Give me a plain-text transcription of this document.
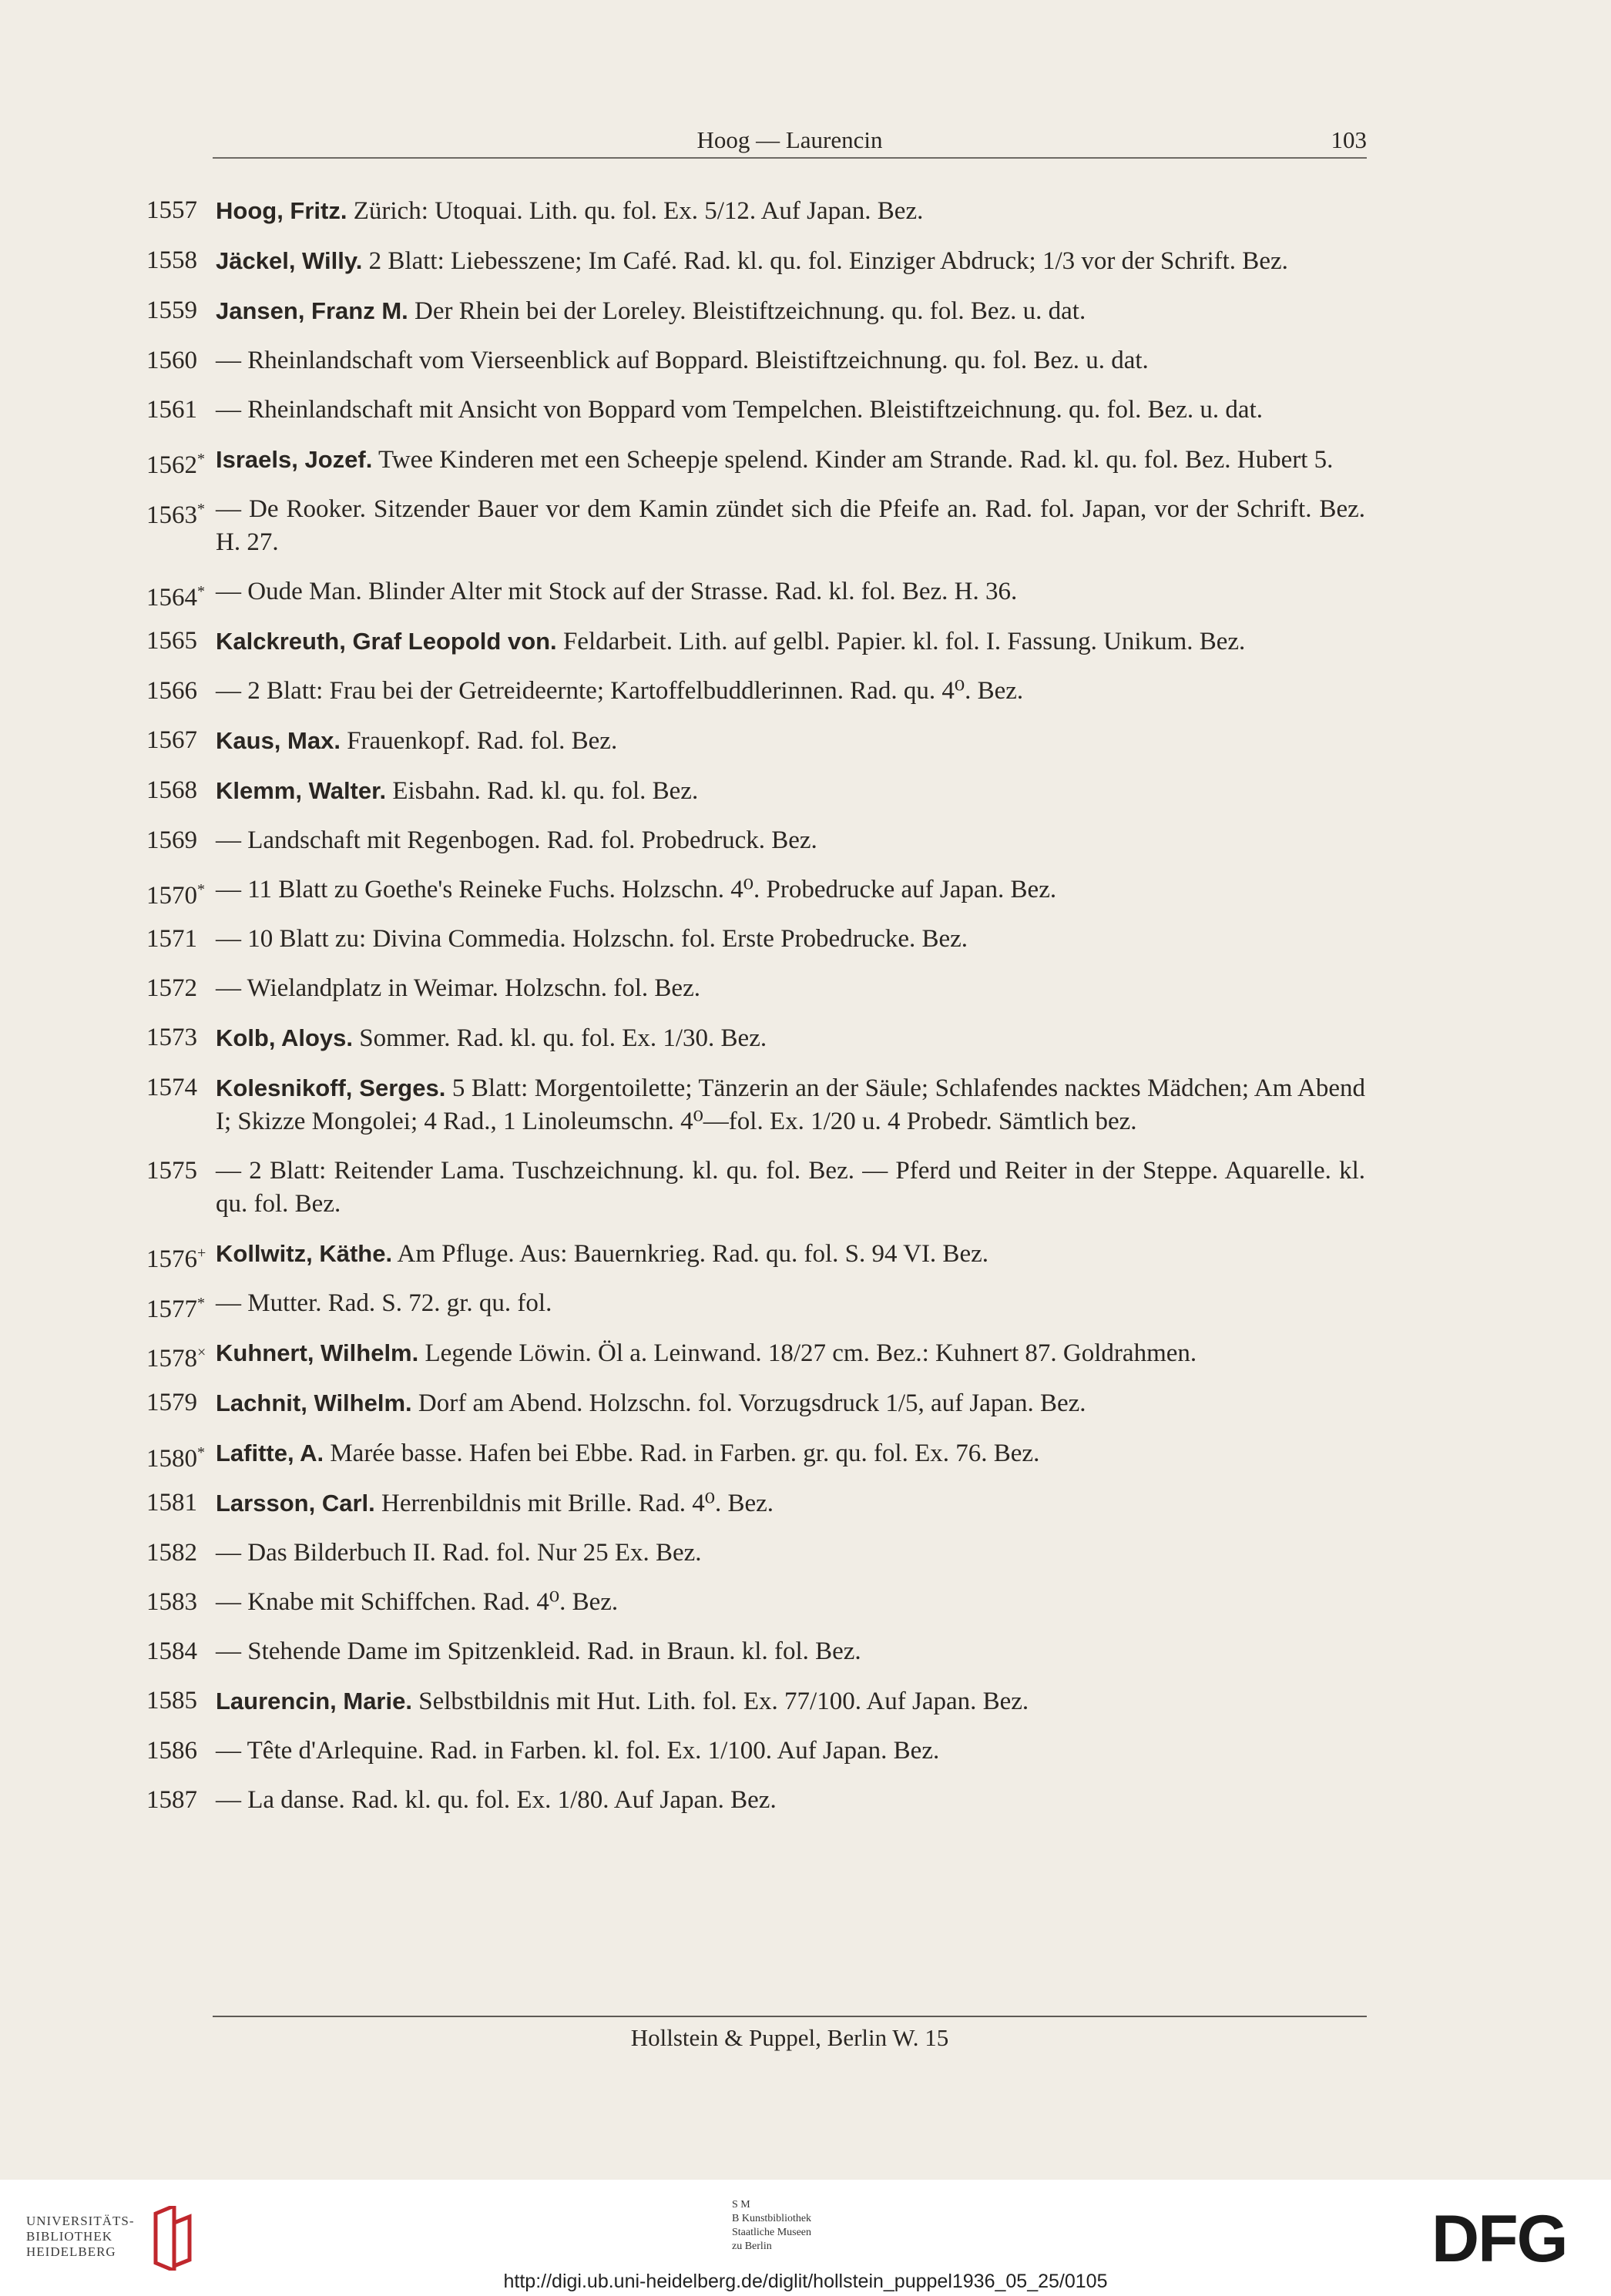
Hoog — Laurencin	103
1557 Hoog, Fritz. Zürich: Utoquai. Lith. qu. fol. Ex. 5/12. Auf Japan. Bez.
1558 Jäckel, Willy. 2 Blatt: Liebesszene; Im Café. Rad. kl. qu. fol. Einziger Abdruck; 1/3 vor der Schrift. Bez.
1559 Jansen, Franz M. Der Rhein bei der Loreley. Bleistiftzeichnung. qu. fol. Bez. u. dat.
1560 — Rheinlandschaft vom Vierseenblick auf Boppard. Bleistiftzeichnung. qu. fol. Bez. u. dat.
1561 — Rheinlandschaft mit Ansicht von Boppard vom Tempelchen. Bleistiftzeichnung. qu. fol. Bez. u. dat.
1562* Israels, Jozef. Twee Kinderen met een Scheepje spelend. Kinder am Strande. Rad. kl. qu. fol. Bez. Hubert 5.
1563* — De Rooker. Sitzender Bauer vor dem Kamin zündet sich die Pfeife an. Rad. fol. Japan, vor der Schrift. Bez. H. 27.
1564* — Oude Man. Blinder Alter mit Stock auf der Strasse. Rad. kl. fol. Bez. H. 36.
1565 Kalckreuth, Graf Leopold von. Feldarbeit. Lith. auf gelbl. Papier. kl. fol. I. Fassung. Unikum. Bez.
1566 — 2 Blatt: Frau bei der Getreideernte; Kartoffelbuddlerinnen. Rad. qu. 4⁰. Bez.
1567 Kaus, Max. Frauenkopf. Rad. fol. Bez.
1568 Klemm, Walter. Eisbahn. Rad. kl. qu. fol. Bez.
1569 — Landschaft mit Regenbogen. Rad. fol. Probedruck. Bez.
1570* — 11 Blatt zu Goethe's Reineke Fuchs. Holzschn. 4⁰. Probedrucke auf Japan. Bez.
1571 — 10 Blatt zu: Divina Commedia. Holzschn. fol. Erste Probedrucke. Bez.
1572 — Wielandplatz in Weimar. Holzschn. fol. Bez.
1573 Kolb, Aloys. Sommer. Rad. kl. qu. fol. Ex. 1/30. Bez.
1574 Kolesnikoff, Serges. 5 Blatt: Morgentoilette; Tänzerin an der Säule; Schlafendes nacktes Mädchen; Am Abend I; Skizze Mongolei; 4 Rad., 1 Linoleumschn. 4⁰—fol. Ex. 1/20 u. 4 Probedr. Sämtlich bez.
1575 — 2 Blatt: Reitender Lama. Tuschzeichnung. kl. qu. fol. Bez. — Pferd und Reiter in der Steppe. Aquarelle. kl. qu. fol. Bez.
1576+ Kollwitz, Käthe. Am Pfluge. Aus: Bauernkrieg. Rad. qu. fol. S. 94 VI. Bez.
1577* — Mutter. Rad. S. 72. gr. qu. fol.
1578× Kuhnert, Wilhelm. Legende Löwin. Öl a. Leinwand. 18/27 cm. Bez.: Kuhnert 87. Goldrahmen.
1579 Lachnit, Wilhelm. Dorf am Abend. Holzschn. fol. Vorzugsdruck 1/5, auf Japan. Bez.
1580* Lafitte, A. Marée basse. Hafen bei Ebbe. Rad. in Farben. gr. qu. fol. Ex. 76. Bez.
1581 Larsson, Carl. Herrenbildnis mit Brille. Rad. 4⁰. Bez.
1582 — Das Bilderbuch II. Rad. fol. Nur 25 Ex. Bez.
1583 — Knabe mit Schiffchen. Rad. 4⁰. Bez.
1584 — Stehende Dame im Spitzenkleid. Rad. in Braun. kl. fol. Bez.
1585 Laurencin, Marie. Selbstbildnis mit Hut. Lith. fol. Ex. 77/100. Auf Japan. Bez.
1586 — Tête d'Arlequine. Rad. in Farben. kl. fol. Ex. 1/100. Auf Japan. Bez.
1587 — La danse. Rad. kl. qu. fol. Ex. 1/80. Auf Japan. Bez.
Hollstein & Puppel, Berlin W. 15
UNIVERSITÄTS-
BIBLIOTHEK
HEIDELBERG
S M
B Kunstbibliothek
Staatliche Museen
zu Berlin	DFG
http://digi.ub.uni-heidelberg.de/diglit/hollstein_puppel1936_05_25/0105
